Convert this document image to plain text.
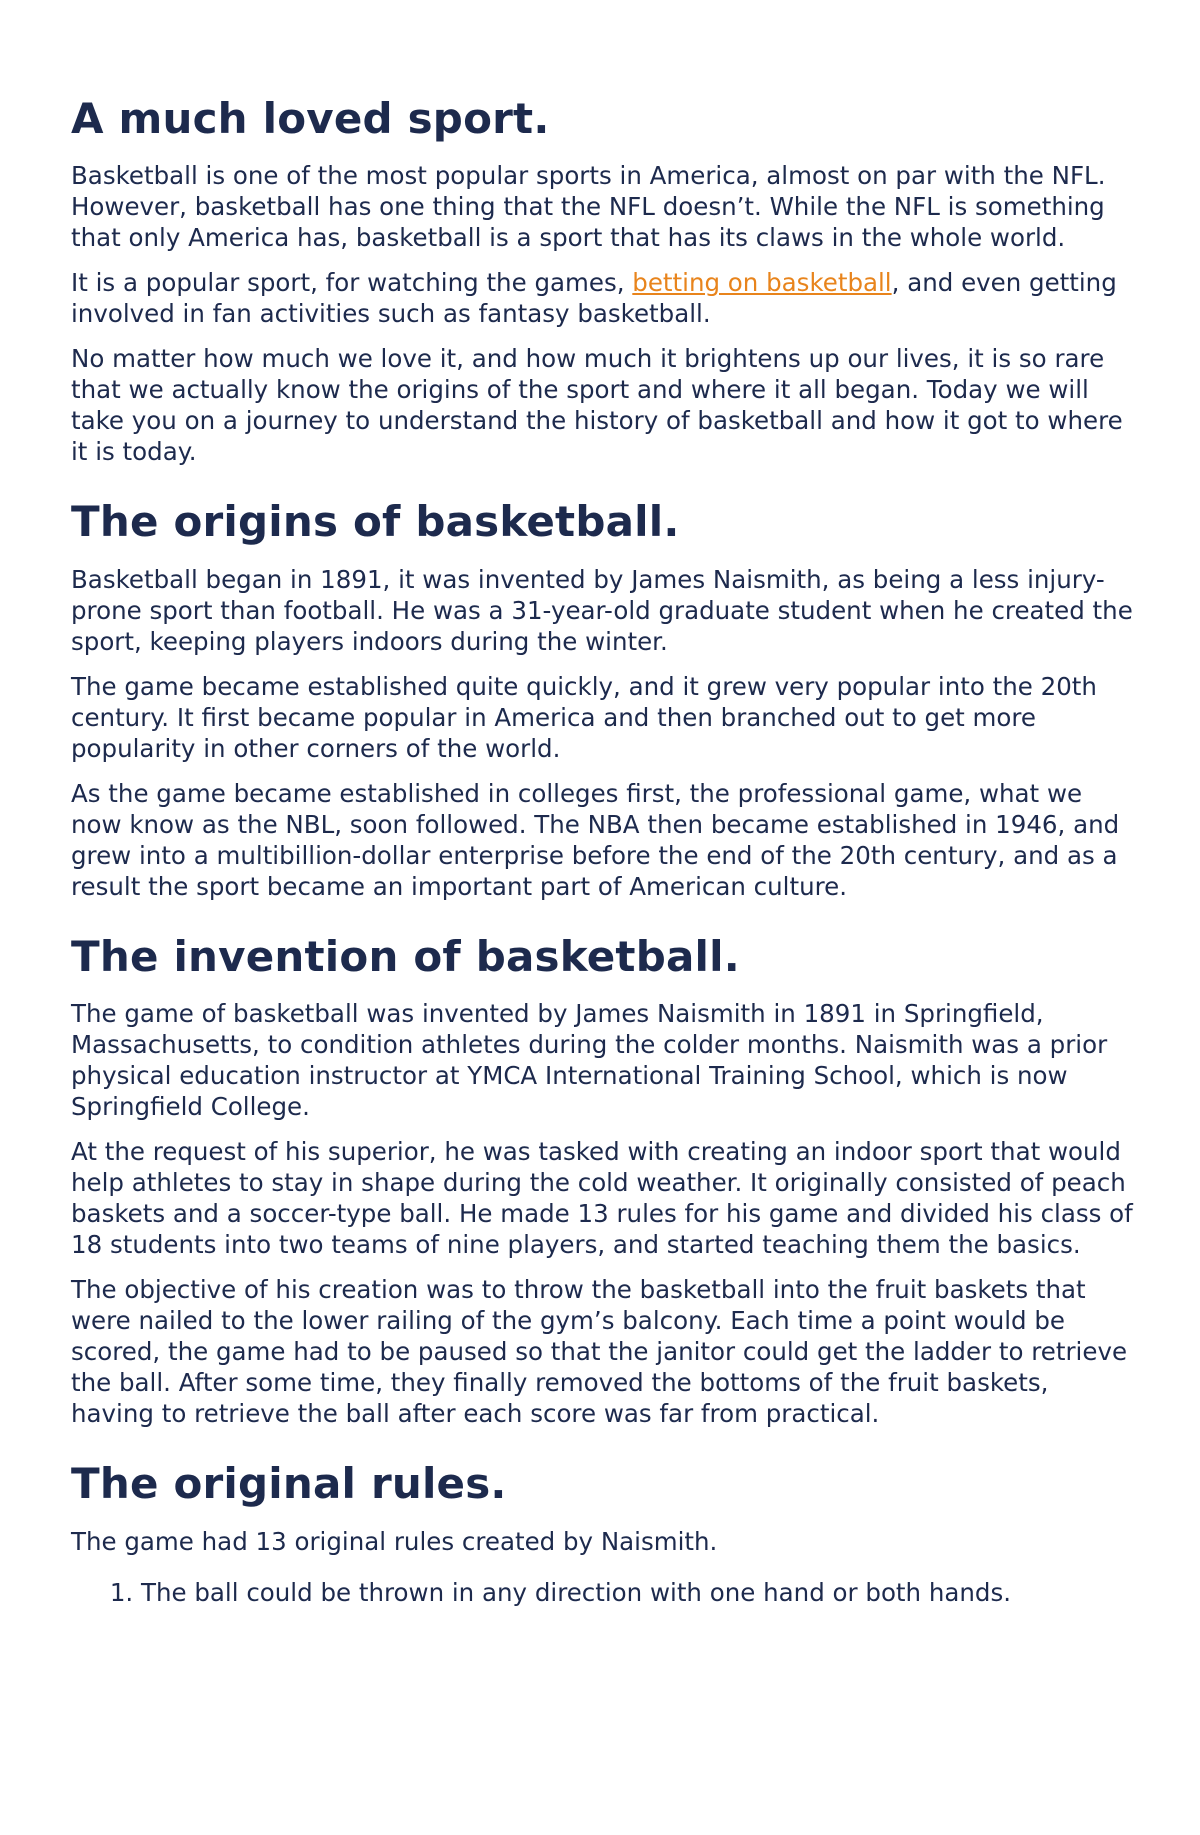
A much loved sport.

Basketball is one of the most popular sports in America, almost on par with the NFL. However, basketball has one thing that the NFL doesn’t. While the NFL is something that only America has, basketball is a sport that has its claws in the whole world.

It is a popular sport, for watching the games, betting on basketball, and even getting involved in fan activities such as fantasy basketball.

No matter how much we love it, and how much it brightens up our lives, it is so rare that we actually know the origins of the sport and where it all began. Today we will take you on a journey to understand the history of basketball and how it got to where it is today.

The origins of basketball.

Basketball began in 1891, it was invented by James Naismith, as being a less injury-prone sport than football. He was a 31-year-old graduate student when he created the sport, keeping players indoors during the winter.

The game became established quite quickly, and it grew very popular into the 20th century. It first became popular in America and then branched out to get more popularity in other corners of the world.

As the game became established in colleges first, the professional game, what we now know as the NBL, soon followed. The NBA then became established in 1946, and grew into a multibillion-dollar enterprise before the end of the 20th century, and as a result the sport became an important part of American culture.

The invention of basketball.

The game of basketball was invented by James Naismith in 1891 in Springfield, Massachusetts, to condition athletes during the colder months. Naismith was a prior physical education instructor at YMCA International Training School, which is now Springfield College.

At the request of his superior, he was tasked with creating an indoor sport that would help athletes to stay in shape during the cold weather. It originally consisted of peach baskets and a soccer-type ball. He made 13 rules for his game and divided his class of 18 students into two teams of nine players, and started teaching them the basics.

The objective of his creation was to throw the basketball into the fruit baskets that were nailed to the lower railing of the gym’s balcony. Each time a point would be scored, the game had to be paused so that the janitor could get the ladder to retrieve the ball. After some time, they finally removed the bottoms of the fruit baskets, having to retrieve the ball after each score was far from practical.

The original rules.

The game had 13 original rules created by Naismith.

1. The ball could be thrown in any direction with one hand or both hands.
